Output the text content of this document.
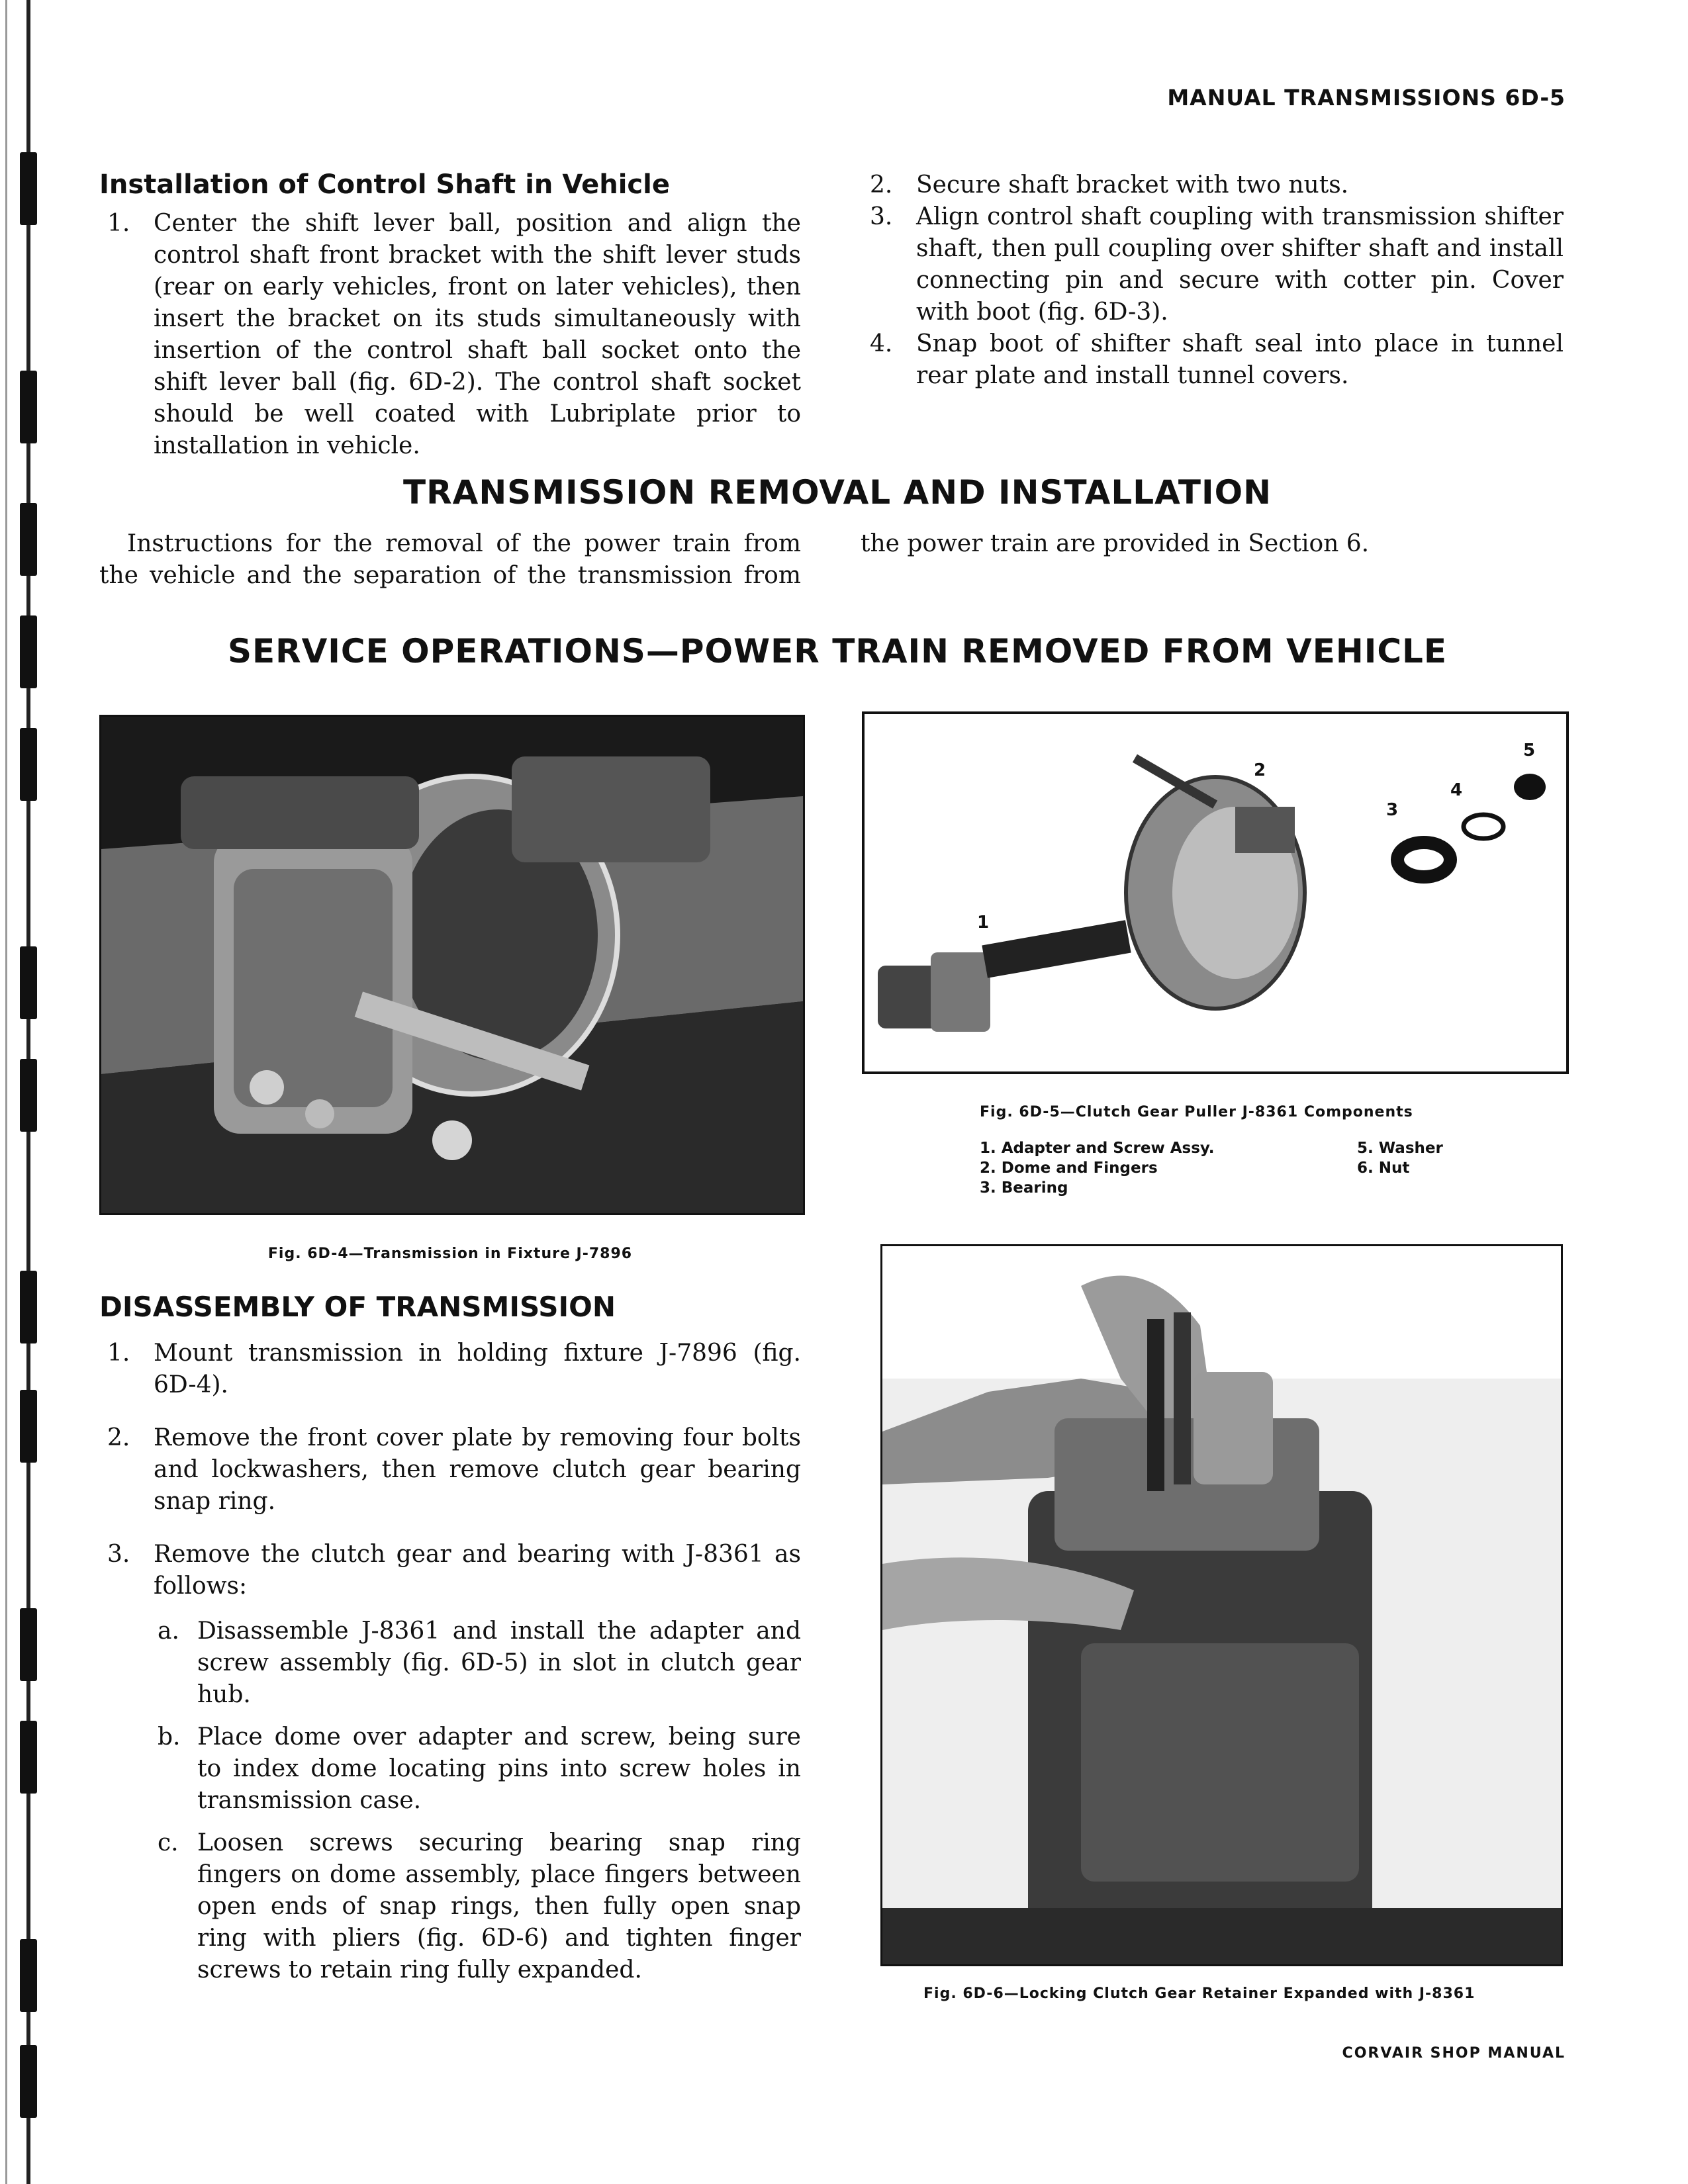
MANUAL TRANSMISSIONS 6D-5
Installation of Control Shaft in Vehicle
1. Center the shift lever ball, position and align the control shaft front bracket with the shift lever studs (rear on early vehicles, front on later vehicles), then insert the bracket on its studs simultaneously with insertion of the control shaft ball socket onto the shift lever ball (fig. 6D-2). The control shaft socket should be well coated with Lubriplate prior to installation in vehicle.
2. Secure shaft bracket with two nuts.
3. Align control shaft coupling with transmission shifter shaft, then pull coupling over shifter shaft and install connecting pin and secure with cotter pin. Cover with boot (fig. 6D-3).
4. Snap boot of shifter shaft seal into place in tunnel rear plate and install tunnel covers.
TRANSMISSION REMOVAL AND INSTALLATION

Instructions for the removal of the power train from the vehicle and the separation of the transmission from the power train are provided in Section 6.

SERVICE OPERATIONS—POWER TRAIN REMOVED FROM VEHICLE
Fig. 6D-4—Transmission in Fixture J-7896
1
2
3
4
5
Fig. 6D-5—Clutch Gear Puller J-8361 Components
1. Adapter and Screw Assy.
2. Dome and Fingers
3. Bearing
5. Washer
6. Nut
Fig. 6D-6—Locking Clutch Gear Retainer Expanded with J-8361
DISASSEMBLY OF TRANSMISSION
1. Mount transmission in holding fixture J-7896 (fig. 6D-4).
2. Remove the front cover plate by removing four bolts and lockwashers, then remove clutch gear bearing snap ring.
3. Remove the clutch gear and bearing with J-8361 as follows:
a. Disassemble J-8361 and install the adapter and screw assembly (fig. 6D-5) in slot in clutch gear hub.
b. Place dome over adapter and screw, being sure to index dome locating pins into screw holes in transmission case.
c. Loosen screws securing bearing snap ring fingers on dome assembly, place fingers between open ends of snap rings, then fully open snap ring with pliers (fig. 6D-6) and tighten finger screws to retain ring fully expanded.
CORVAIR SHOP MANUAL
